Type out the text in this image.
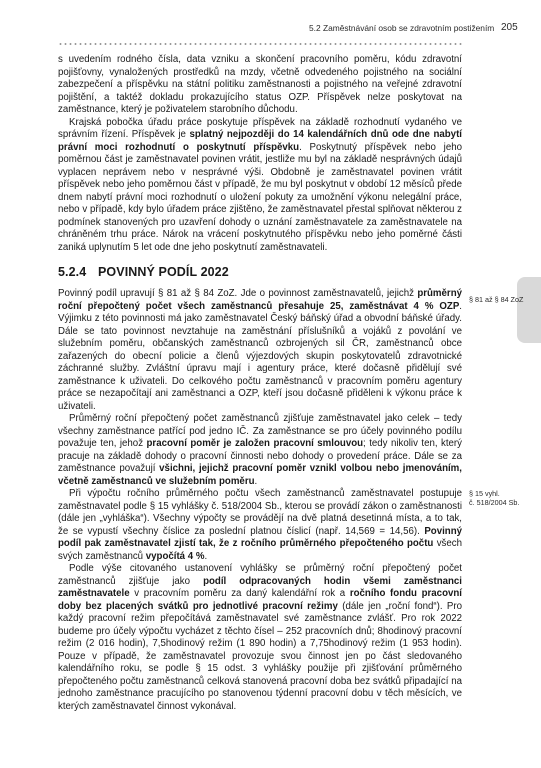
5.2 Zaměstnávání osob se zdravotním postižením 205

s uvedením rodného čísla, data vzniku a skončení pracovního poměru, kódu zdravotní pojišťovny, vynaložených prostředků na mzdy, včetně odvedeného pojistného na sociální zabezpečení a příspěvku na státní politiku zaměstnanosti a pojistného na veřejné zdravotní pojištění, a taktéž dokladu prokazujícího status OZP. Příspěvek nelze poskytovat na zaměstnance, který je poživatelem starobního důchodu.

Krajská pobočka úřadu práce poskytuje příspěvek na základě rozhodnutí vydaného ve správním řízení. Příspěvek je splatný nejpozději do 14 kalendářních dnů ode dne nabytí právní moci rozhodnutí o poskytnutí příspěvku. Poskytnutý příspěvek nebo jeho poměrnou část je zaměstnavatel povinen vrátit, jestliže mu byl na základě nesprávných údajů vyplacen neprávem nebo v nesprávné výši. Obdobně je zaměstnavatel povinen vrátit příspěvek nebo jeho poměrnou část v případě, že mu byl poskytnut v období 12 měsíců přede dnem nabytí právní moci rozhodnutí o uložení pokuty za umožnění výkonu nelegální práce, nebo v případě, kdy bylo úřadem práce zjištěno, že zaměstnavatel přestal splňovat některou z podmínek stanovených pro uzavření dohody o uznání zaměstnavatele za zaměstnavatele na chráněném trhu práce. Nárok na vrácení poskytnutého příspěvku nebo jeho poměrné části zaniká uplynutím 5 let ode dne jeho poskytnutí zaměstnavateli.

5.2.4 POVINNÝ PODÍL 2022

Povinný podíl upravují § 81 až § 84 ZoZ. Jde o povinnost zaměstnavatelů, jejichž průměrný roční přepočtený počet všech zaměstnanců přesahuje 25, zaměstnávat 4 % OZP. Výjimku z této povinnosti má jako zaměstnavatel Český báňský úřad a obvodní báňské úřady. Dále se tato povinnost nevztahuje na zaměstnání příslušníků a vojáků z povolání ve služebním poměru, občanských zaměstnanců ozbrojených sil ČR, zaměstnanců obce zařazených do obecní policie a členů výjezdových skupin poskytovatelů zdravotnické záchranné služby. Zvláštní úpravu mají i agentury práce, které dočasně přidělují své zaměstnance k uživateli. Do celkového počtu zaměstnanců v pracovním poměru agentury práce se nezapočítají ani zaměstnanci a OZP, kteří jsou dočasně přiděleni k výkonu práce k uživateli.

Průměrný roční přepočtený počet zaměstnanců zjišťuje zaměstnavatel jako celek – tedy všechny zaměstnance patřící pod jedno IČ. Za zaměstnance se pro účely povinného podílu považuje ten, jehož pracovní poměr je založen pracovní smlouvou; tedy nikoliv ten, který pracuje na základě dohody o pracovní činnosti nebo dohody o provedení práce. Dále se za zaměstnance považují všichni, jejichž pracovní poměr vznikl volbou nebo jmenováním, včetně zaměstnanců ve služebním poměru.

Při výpočtu ročního průměrného počtu všech zaměstnanců zaměstnavatel postupuje zaměstnavatel podle § 15 vyhlášky č. 518/2004 Sb., kterou se provádí zákon o zaměstnanosti (dále jen „vyhláška“). Všechny výpočty se provádějí na dvě platná desetinná místa, a to tak, že se vypustí všechny číslice za poslední platnou číslicí (např. 14,569 = 14,56). Povinný podíl pak zaměstnavatel zjistí tak, že z ročního průměrného přepočteného počtu všech svých zaměstnanců vypočítá 4 %.

Podle výše citovaného ustanovení vyhlášky se průměrný roční přepočtený počet zaměstnanců zjišťuje jako podíl odpracovaných hodin všemi zaměstnanci zaměstnavatele v pracovním poměru za daný kalendářní rok a ročního fondu pracovní doby bez placených svátků pro jednotlivé pracovní režimy (dále jen „roční fond“). Pro každý pracovní režim přepočítává zaměstnavatel své zaměstnance zvlášť. Pro rok 2022 budeme pro účely výpočtu vycházet z těchto čísel – 252 pracovních dnů; 8hodinový pracovní režim (2 016 hodin), 7,5hodinový režim (1 890 hodin) a 7,75hodinový režim (1 953 hodin). Pouze v případě, že zaměstnavatel provozuje svou činnost jen po část sledovaného kalendářního roku, se podle § 15 odst. 3 vyhlášky použije při zjišťování průměrného přepočteného počtu zaměstnanců celková stanovená pracovní doba bez svátků připadající na jednoho zaměstnance pracujícího po stanovenou týdenní pracovní dobu v těch měsících, ve kterých zaměstnavatel činnost vykonával.

§ 81 až § 84 ZoZ
§ 15 vyhl.
č. 518/2004 Sb.
